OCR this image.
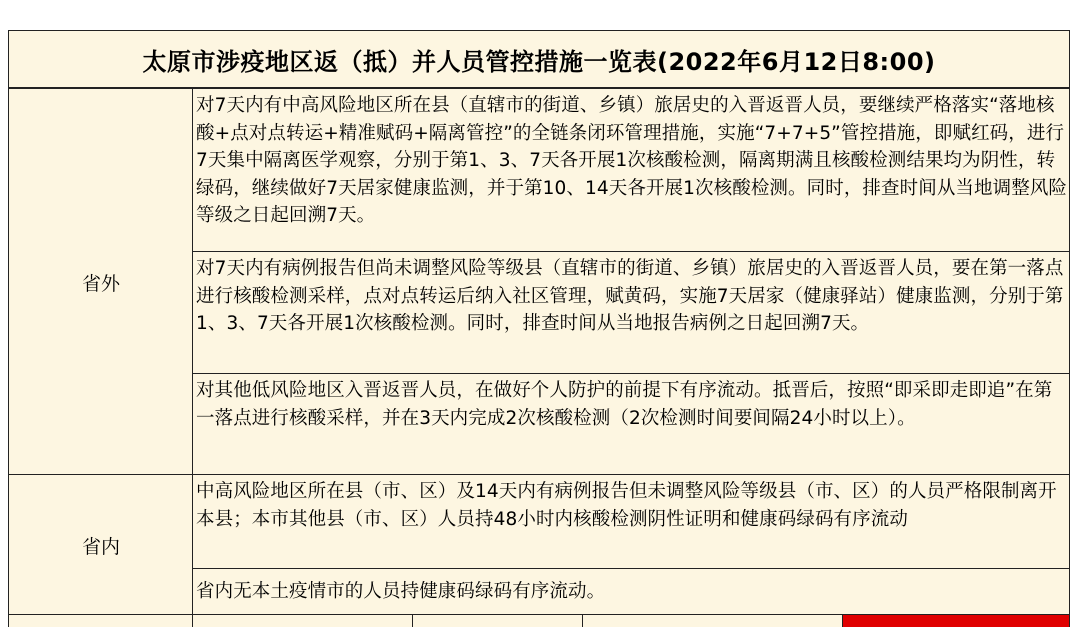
太原市涉疫地区返（抵）并人员管控措施一览表(2022年6月12日8:00)
省外
对7天内有中高风险地区所在县（直辖市的街道、乡镇）旅居史的入晋返晋人员，要继续严格落实“落地核酸+点对点转运+精准赋码+隔离管控”的全链条闭环管理措施，实施“7+7+5”管控措施，即赋红码，进行7天集中隔离医学观察，分别于第1、3、7天各开展1次核酸检测，隔离期满且核酸检测结果均为阴性，转绿码，继续做好7天居家健康监测，并于第10、14天各开展1次核酸检测。同时，排查时间从当地调整风险等级之日起回溯7天。
对7天内有病例报告但尚未调整风险等级县（直辖市的街道、乡镇）旅居史的入晋返晋人员，要在第一落点进行核酸检测采样，点对点转运后纳入社区管理，赋黄码，实施7天居家（健康驿站）健康监测，分别于第1、3、7天各开展1次核酸检测。同时，排查时间从当地报告病例之日起回溯7天。
对其他低风险地区入晋返晋人员，在做好个人防护的前提下有序流动。抵晋后，按照“即采即走即追”在第一落点进行核酸采样，并在3天内完成2次核酸检测（2次检测时间要间隔24小时以上）。
省内
中高风险地区所在县（市、区）及14天内有病例报告但未调整风险等级县（市、区）的人员严格限制离开本县；本市其他县（市、区）人员持48小时内核酸检测阴性证明和健康码绿码有序流动
省内无本土疫情市的人员持健康码绿码有序流动。
